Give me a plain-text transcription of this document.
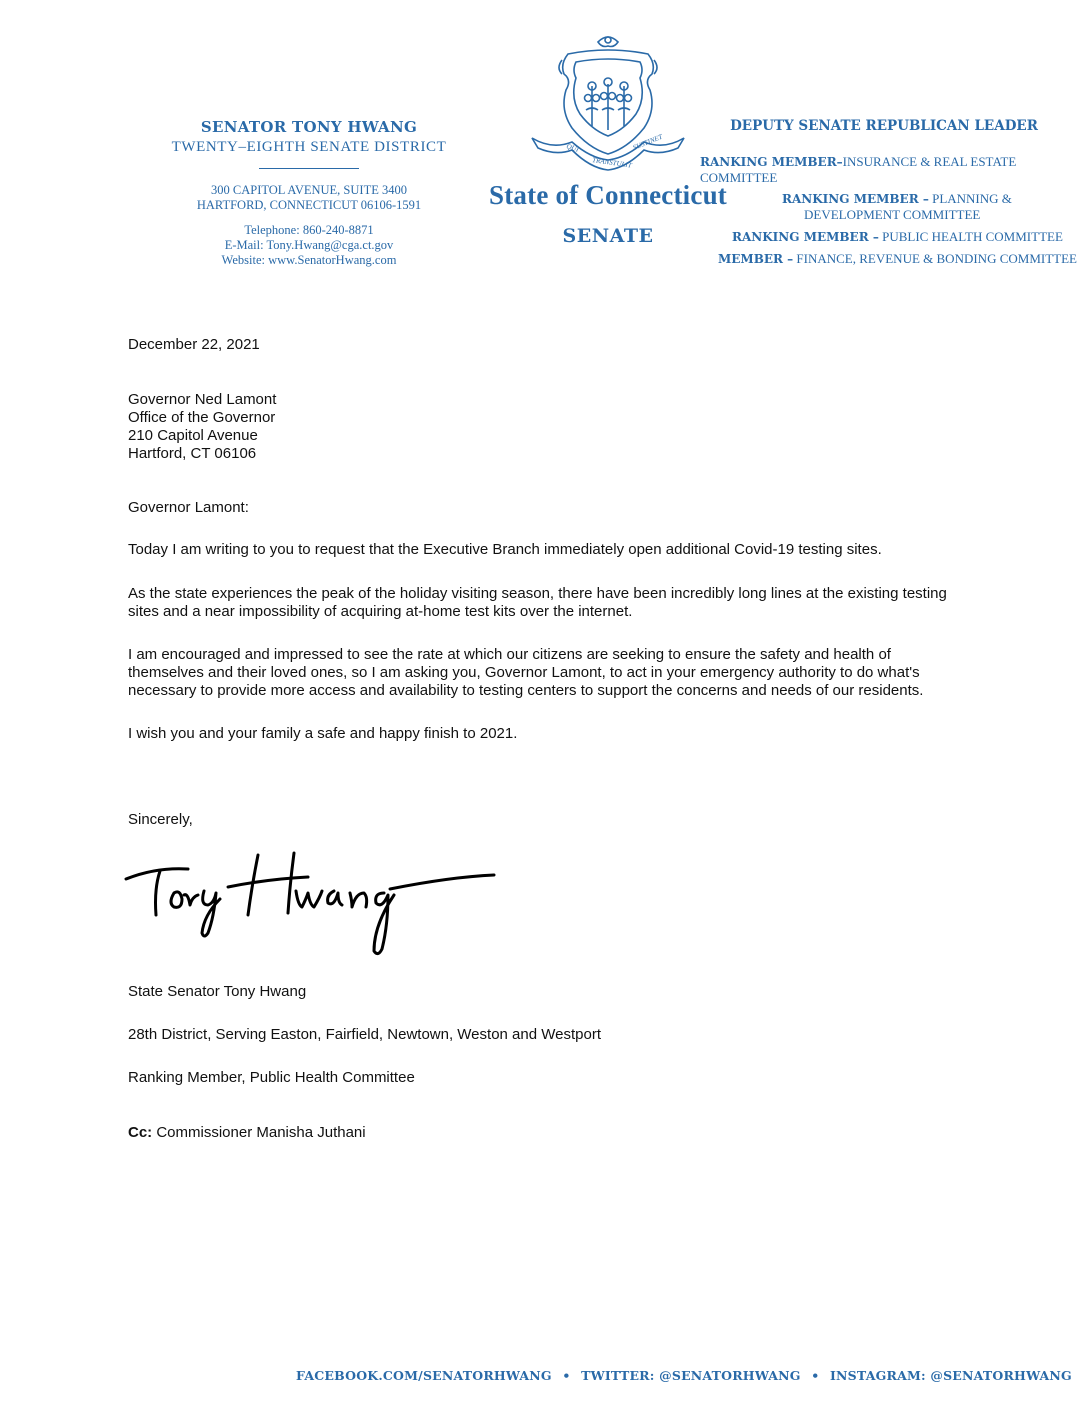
SENATOR TONY HWANG
TWENTY–EIGHTH SENATE DISTRICT
300 CAPITOL AVENUE, SUITE 3400
HARTFORD, CONNECTICUT 06106-1591
Telephone: 860-240-8871
E-Mail: Tony.Hwang@cga.ct.gov
Website: www.SenatorHwang.com
QUI
TRANSTULIT
SUSTINET
State of Connecticut
SENATE
DEPUTY SENATE REPUBLICAN LEADER
RANKING MEMBER–INSURANCE & REAL ESTATE COMMITTEE
RANKING MEMBER – PLANNING &
DEVELOPMENT COMMITTEE
RANKING MEMBER – PUBLIC HEALTH COMMITTEE
MEMBER – FINANCE, REVENUE & BONDING COMMITTEE

December 22, 2021

Governor Ned Lamont
Office of the Governor
210 Capitol Avenue
Hartford, CT 06106

Governor Lamont:

Today I am writing to you to request that the Executive Branch immediately open additional Covid-19 testing sites.

As the state experiences the peak of the holiday visiting season, there have been incredibly long lines at the existing testing sites and a near impossibility of acquiring at-home test kits over the internet.

I am encouraged and impressed to see the rate at which our citizens are seeking to ensure the safety and health of themselves and their loved ones, so I am asking you, Governor Lamont, to act in your emergency authority to do what's necessary to provide more access and availability to testing centers to support the concerns and needs of our residents.

I wish you and your family a safe and happy finish to 2021.

Sincerely,

State Senator Tony Hwang

28th District, Serving Easton, Fairfield, Newtown, Weston and Westport

Ranking Member, Public Health Committee

Cc: Commissioner Manisha Juthani

FACEBOOK.COM/SENATORHWANG • TWITTER: @SENATORHWANG • INSTAGRAM: @SENATORHWANG
